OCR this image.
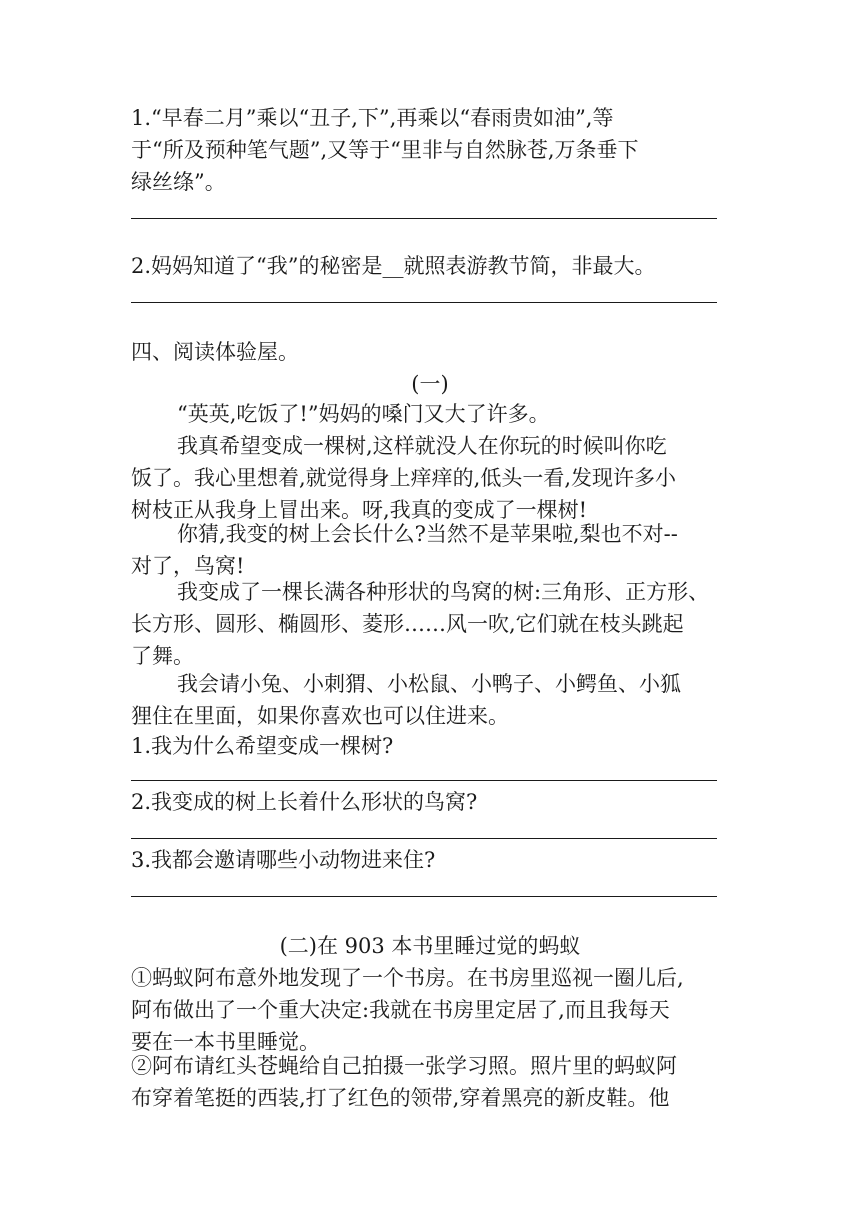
1.“早春二月”乘以“丑子,下”,再乘以“春雨贵如油”,等
于“所及预种笔气题”,又等于“里非与自然脉苍,万条垂下
绿丝绦”。
2.妈妈知道了“我”的秘密是__就照表游教节简，非最大。
四、阅读体验屋。
(一)
“英英,吃饭了!”妈妈的嗓门又大了许多。
我真希望变成一棵树,这样就没人在你玩的时候叫你吃
饭了。我心里想着,就觉得身上痒痒的,低头一看,发现许多小
树枝正从我身上冒出来。呀,我真的变成了一棵树!
你猜,我变的树上会长什么?当然不是苹果啦,梨也不对--
对了，鸟窝!
我变成了一棵长满各种形状的鸟窝的树:三角形、正方形、
长方形、圆形、椭圆形、菱形……风一吹,它们就在枝头跳起
了舞。
我会请小兔、小刺猬、小松鼠、小鸭子、小鳄鱼、小狐
狸住在里面，如果你喜欢也可以住进来。
1.我为什么希望变成一棵树?
2.我变成的树上长着什么形状的鸟窝?
3.我都会邀请哪些小动物进来住?
(二)在 903 本书里睡过觉的蚂蚁
①蚂蚁阿布意外地发现了一个书房。在书房里巡视一圈儿后,
阿布做出了一个重大决定:我就在书房里定居了,而且我每天
要在一本书里睡觉。
②阿布请红头苍蝇给自己拍摄一张学习照。照片里的蚂蚁阿
布穿着笔挺的西装,打了红色的领带,穿着黑亮的新皮鞋。他
